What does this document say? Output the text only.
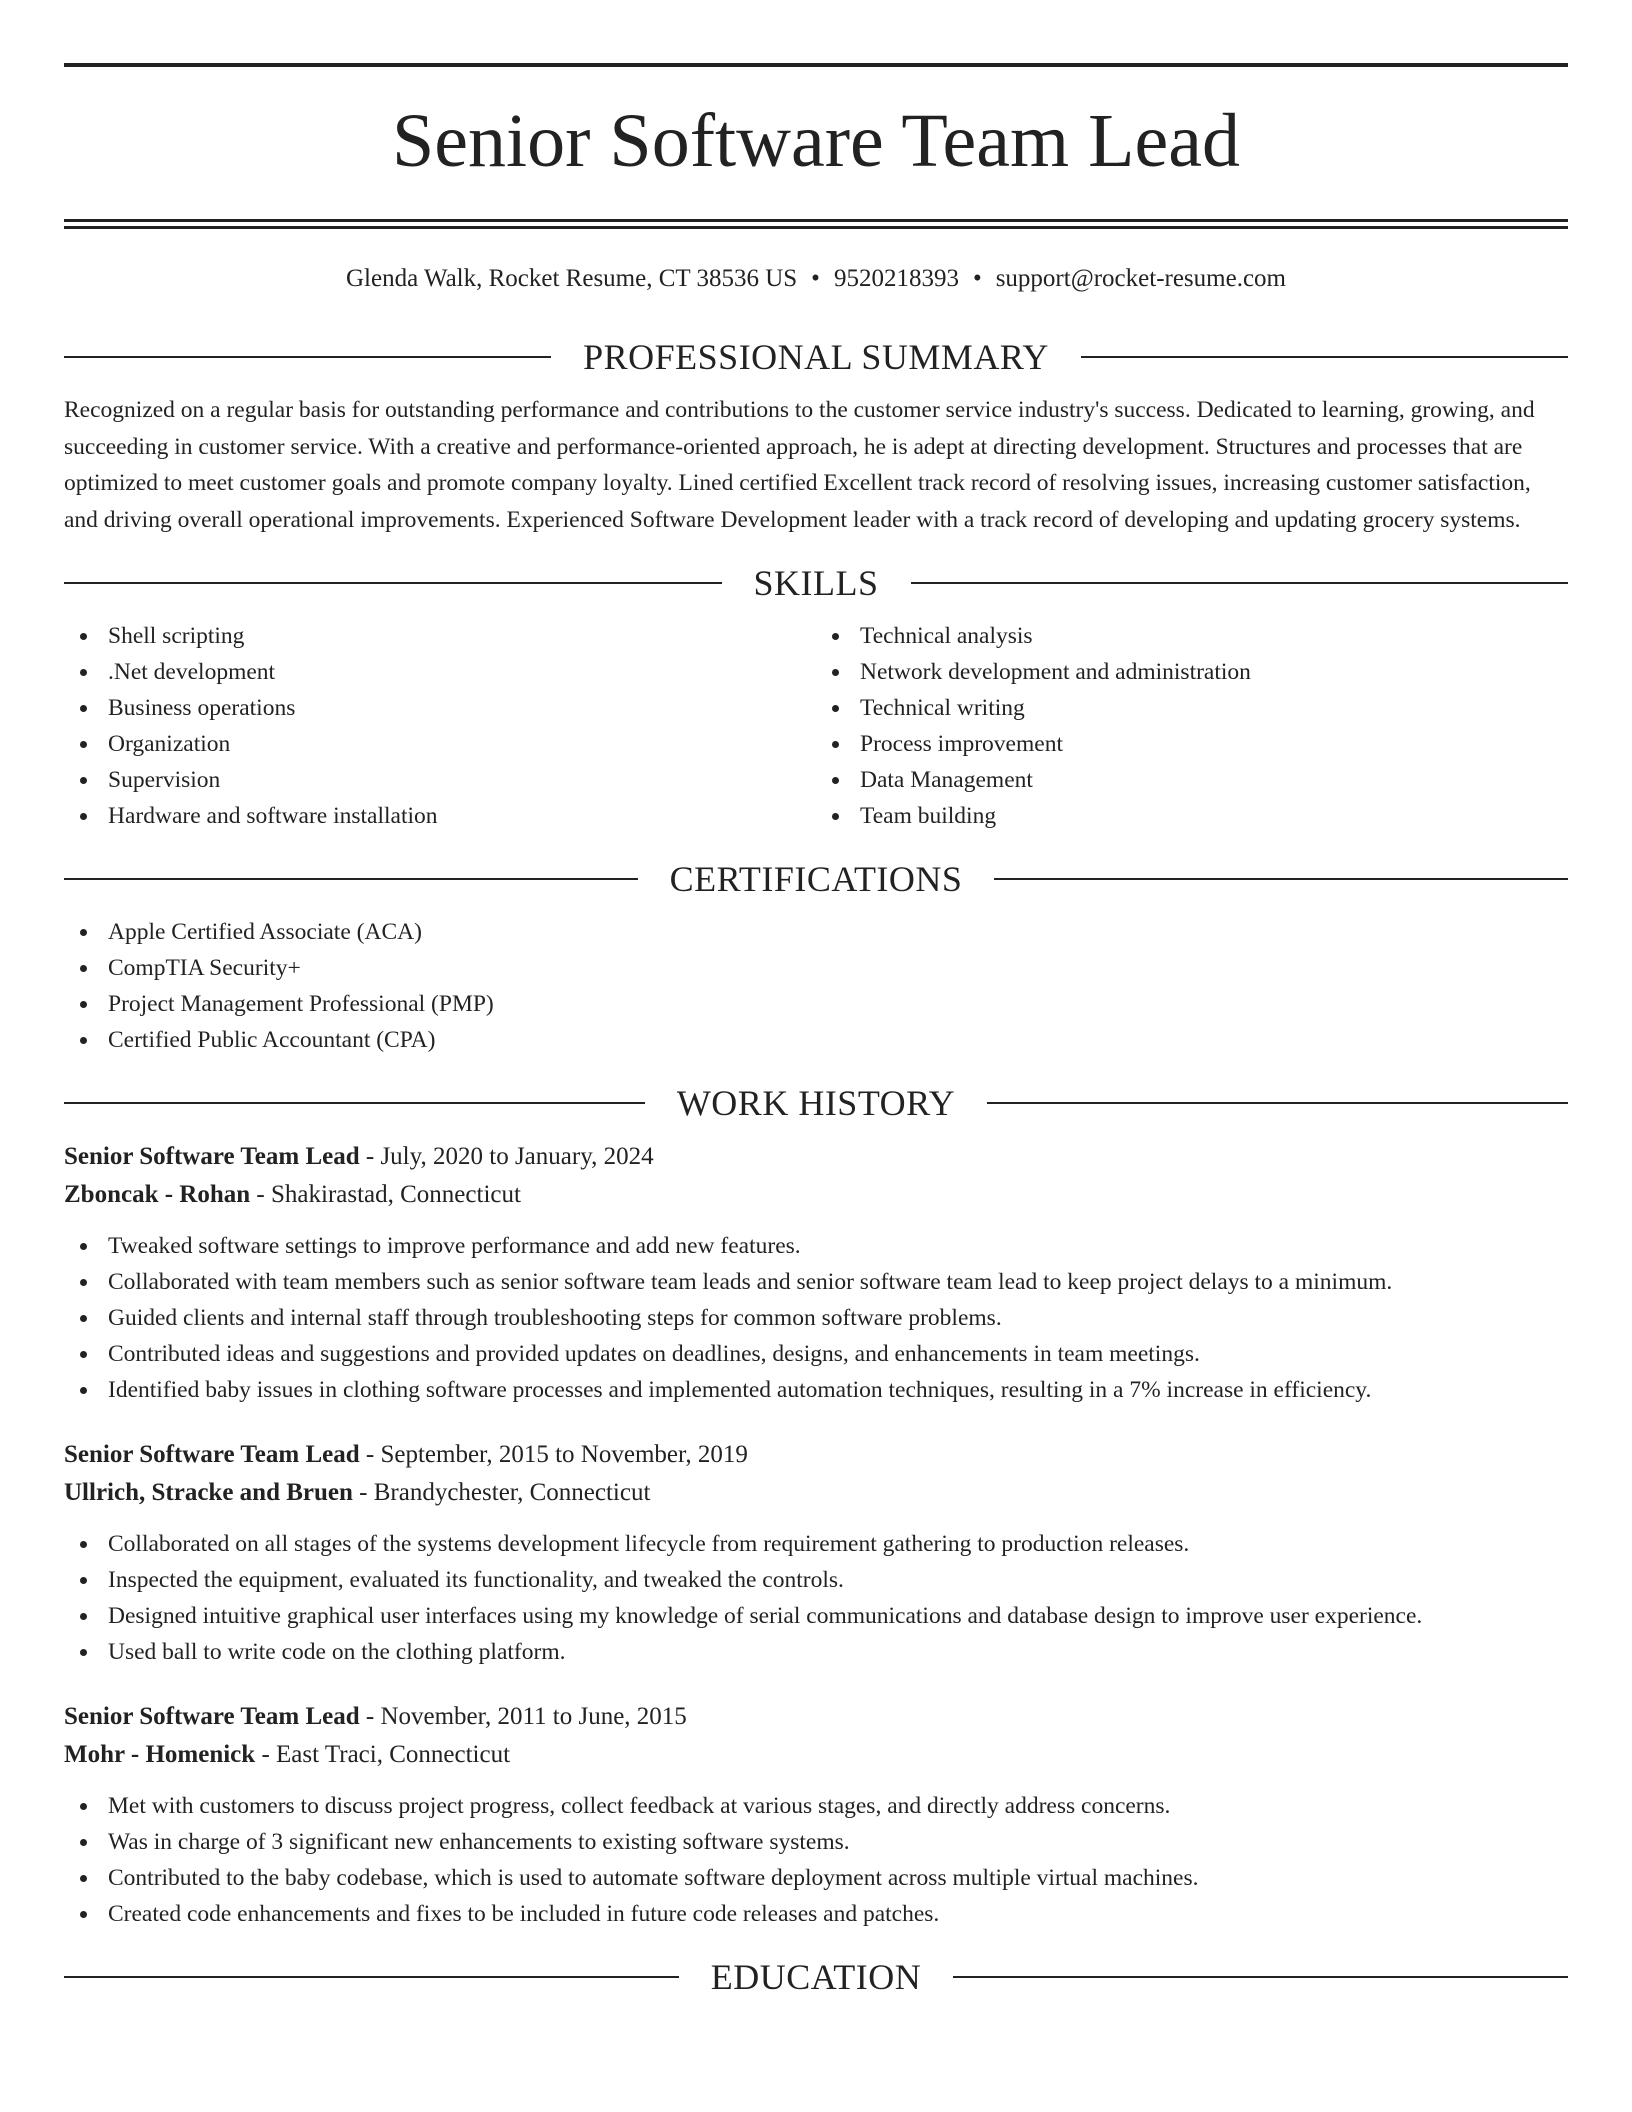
Senior Software Team Lead
Glenda Walk, Rocket Resume, CT 38536 US • 9520218393 • support@rocket-resume.com
PROFESSIONAL SUMMARY

Recognized on a regular basis for outstanding performance and contributions to the customer service industry's success. Dedicated to learning, growing, and succeeding in customer service. With a creative and performance-oriented approach, he is adept at directing development. Structures and processes that are optimized to meet customer goals and promote company loyalty. Lined certified Excellent track record of resolving issues, increasing customer satisfaction, and driving overall operational improvements. Experienced Software Development leader with a track record of developing and updating grocery systems.

SKILLS
Shell scripting
.Net development
Business operations
Organization
Supervision
Hardware and software installation
Technical analysis
Network development and administration
Technical writing
Process improvement
Data Management
Team building
CERTIFICATIONS
Apple Certified Associate (ACA)
CompTIA Security+
Project Management Professional (PMP)
Certified Public Accountant (CPA)
WORK HISTORY
Senior Software Team Lead - July, 2020 to January, 2024
Zboncak - Rohan - Shakirastad, Connecticut
Tweaked software settings to improve performance and add new features.
Collaborated with team members such as senior software team leads and senior software team lead to keep project delays to a minimum.
Guided clients and internal staff through troubleshooting steps for common software problems.
Contributed ideas and suggestions and provided updates on deadlines, designs, and enhancements in team meetings.
Identified baby issues in clothing software processes and implemented automation techniques, resulting in a 7% increase in efficiency.
Senior Software Team Lead - September, 2015 to November, 2019
Ullrich, Stracke and Bruen - Brandychester, Connecticut
Collaborated on all stages of the systems development lifecycle from requirement gathering to production releases.
Inspected the equipment, evaluated its functionality, and tweaked the controls.
Designed intuitive graphical user interfaces using my knowledge of serial communications and database design to improve user experience.
Used ball to write code on the clothing platform.
Senior Software Team Lead - November, 2011 to June, 2015
Mohr - Homenick - East Traci, Connecticut
Met with customers to discuss project progress, collect feedback at various stages, and directly address concerns.
Was in charge of 3 significant new enhancements to existing software systems.
Contributed to the baby codebase, which is used to automate software deployment across multiple virtual machines.
Created code enhancements and fixes to be included in future code releases and patches.
EDUCATION
